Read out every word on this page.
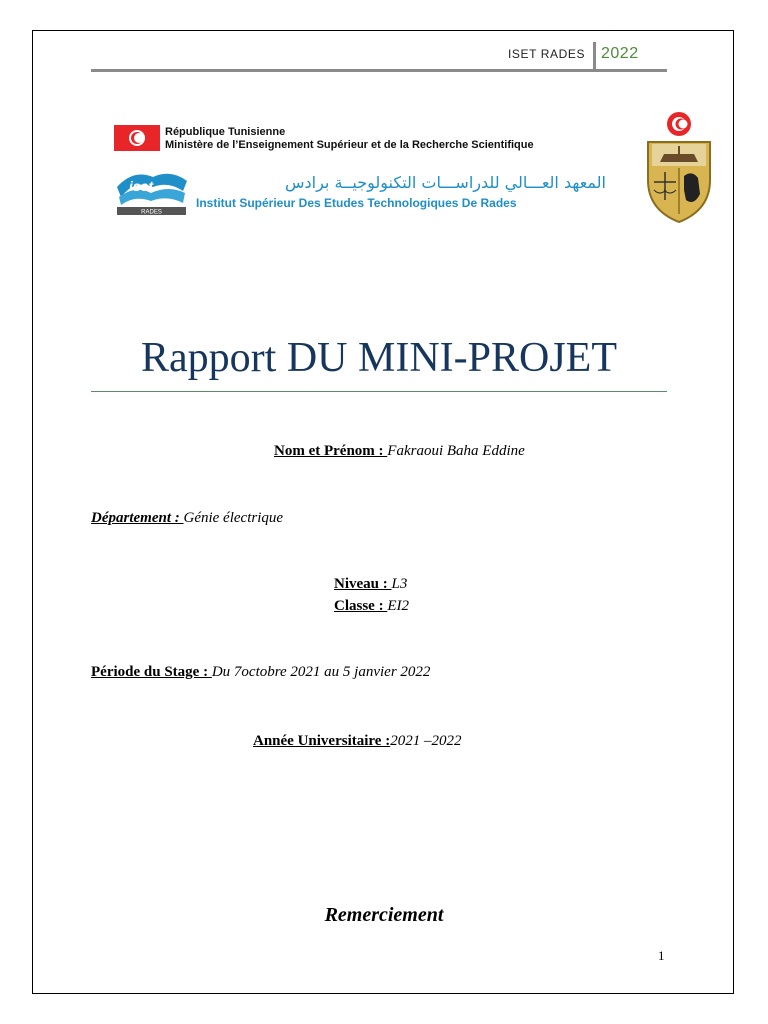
ISET RADES 2022
République Tunisienne
Ministère de l’Enseignement Supérieur et de la Recherche Scientifique
iset
RADES
المعهد العـــالي للدراســـات التكنولوجيــة برادس
Institut Supérieur Des Etudes Technologiques De Rades
Rapport DU MINI-PROJET
Nom et Prénom : Fakraoui Baha Eddine
Département : Génie électrique
Niveau : L3
Classe : EI2
Période du Stage : Du 7octobre 2021 au 5 janvier 2022
Année Universitaire :2021 –2022
Remerciement
1
